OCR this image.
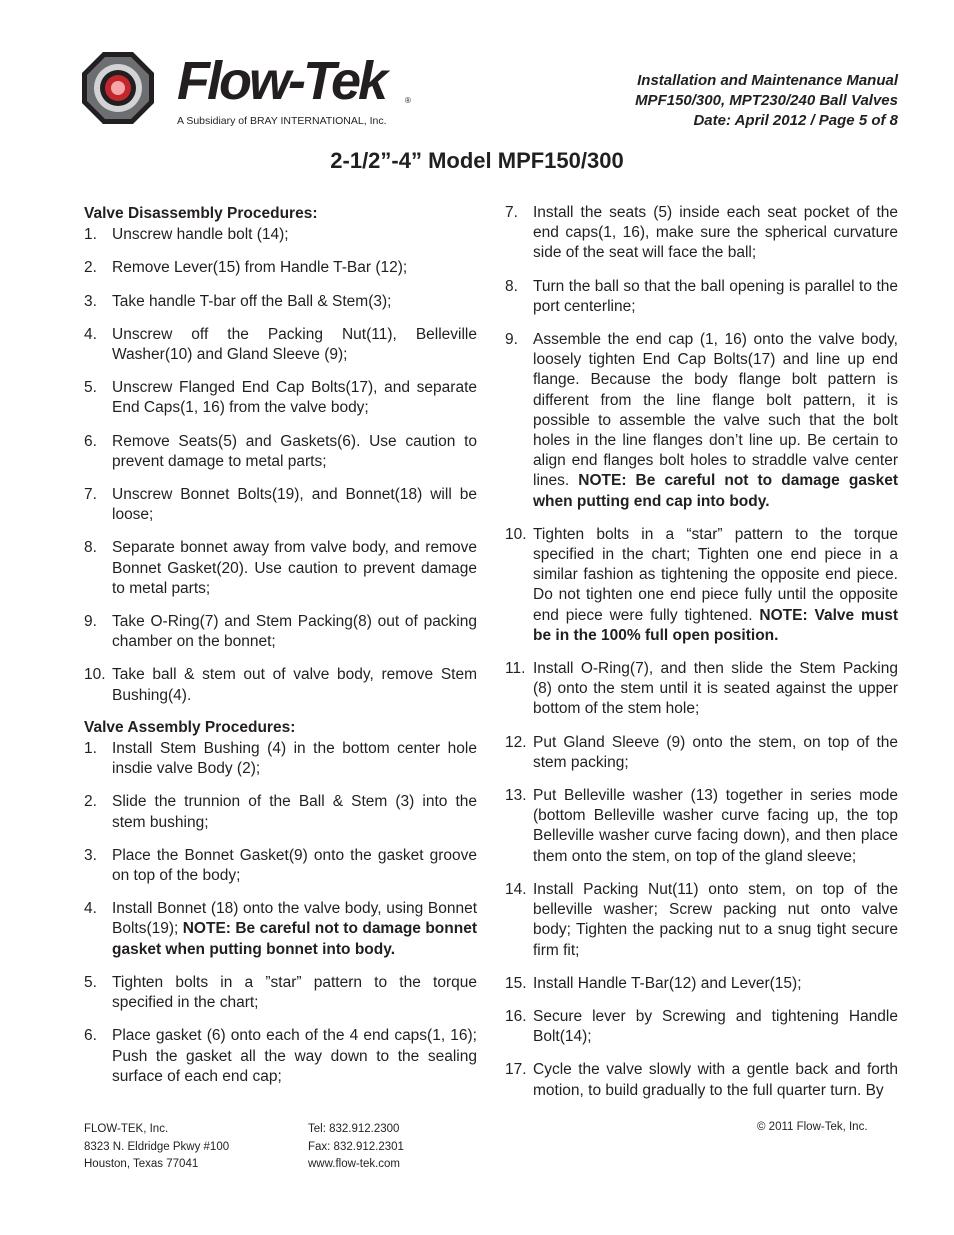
Flow-Tek ®
A Subsidiary of BRAY INTERNATIONAL, Inc.
Installation and Maintenance Manual
MPF150/300, MPT230/240 Ball Valves
Date: April 2012 / Page 5 of 8
2-1/2”-4” Model MPF150/300
Valve Disassembly Procedures:
1. Unscrew handle bolt (14);
2. Remove Lever(15) from Handle T-Bar (12);
3. Take handle T-bar off the Ball & Stem(3);
4. Unscrew off the Packing Nut(11), Belleville Washer(10) and Gland Sleeve (9);
5. Unscrew Flanged End Cap Bolts(17), and separate End Caps(1, 16) from the valve body;
6. Remove Seats(5) and Gaskets(6). Use caution to prevent damage to metal parts;
7. Unscrew Bonnet Bolts(19), and Bonnet(18) will be loose;
8. Separate bonnet away from valve body, and remove Bonnet Gasket(20). Use caution to prevent damage to metal parts;
9. Take O-Ring(7) and Stem Packing(8) out of packing chamber on the bonnet;
10. Take ball & stem out of valve body, remove Stem Bushing(4).
Valve Assembly Procedures:
1. Install Stem Bushing (4) in the bottom center hole insdie valve Body (2);
2. Slide the trunnion of the Ball & Stem (3) into the stem bushing;
3. Place the Bonnet Gasket(9) onto the gasket groove on top of the body;
4. Install Bonnet (18) onto the valve body, using Bonnet Bolts(19); NOTE: Be careful not to damage bonnet gasket when putting bonnet into body.
5. Tighten bolts in a ”star” pattern to the torque specified in the chart;
6. Place gasket (6) onto each of the 4 end caps(1, 16); Push the gasket all the way down to the sealing surface of each end cap;
7. Install the seats (5) inside each seat pocket of the end caps(1, 16), make sure the spherical curvature side of the seat will face the ball;
8. Turn the ball so that the ball opening is parallel to the port centerline;
9. Assemble the end cap (1, 16) onto the valve body, loosely tighten End Cap Bolts(17) and line up end flange. Because the body flange bolt pattern is different from the line flange bolt pattern, it is possible to assemble the valve such that the bolt holes in the line flanges don’t line up. Be certain to align end flanges bolt holes to straddle valve center lines. NOTE: Be careful not to damage gasket when putting end cap into body.
10. Tighten bolts in a “star” pattern to the torque specified in the chart; Tighten one end piece in a similar fashion as tightening the opposite end piece. Do not tighten one end piece fully until the opposite end piece were fully tightened. NOTE: Valve must be in the 100% full open position.
11. Install O-Ring(7), and then slide the Stem Packing (8) onto the stem until it is seated against the upper bottom of the stem hole;
12. Put Gland Sleeve (9) onto the stem, on top of the stem packing;
13. Put Belleville washer (13) together in series mode (bottom Belleville washer curve facing up, the top Belleville washer curve facing down), and then place them onto the stem, on top of the gland sleeve;
14. Install Packing Nut(11) onto stem, on top of the belleville washer; Screw packing nut onto valve body; Tighten the packing nut to a snug tight secure firm fit;
15. Install Handle T-Bar(12) and Lever(15);
16. Secure lever by Screwing and tightening Handle Bolt(14);
17. Cycle the valve slowly with a gentle back and forth motion, to build gradually to the full quarter turn. By
FLOW-TEK, Inc.
8323 N. Eldridge Pkwy #100
Houston, Texas 77041
Tel: 832.912.2300
Fax: 832.912.2301
www.flow-tek.com
© 2011 Flow-Tek, Inc.
